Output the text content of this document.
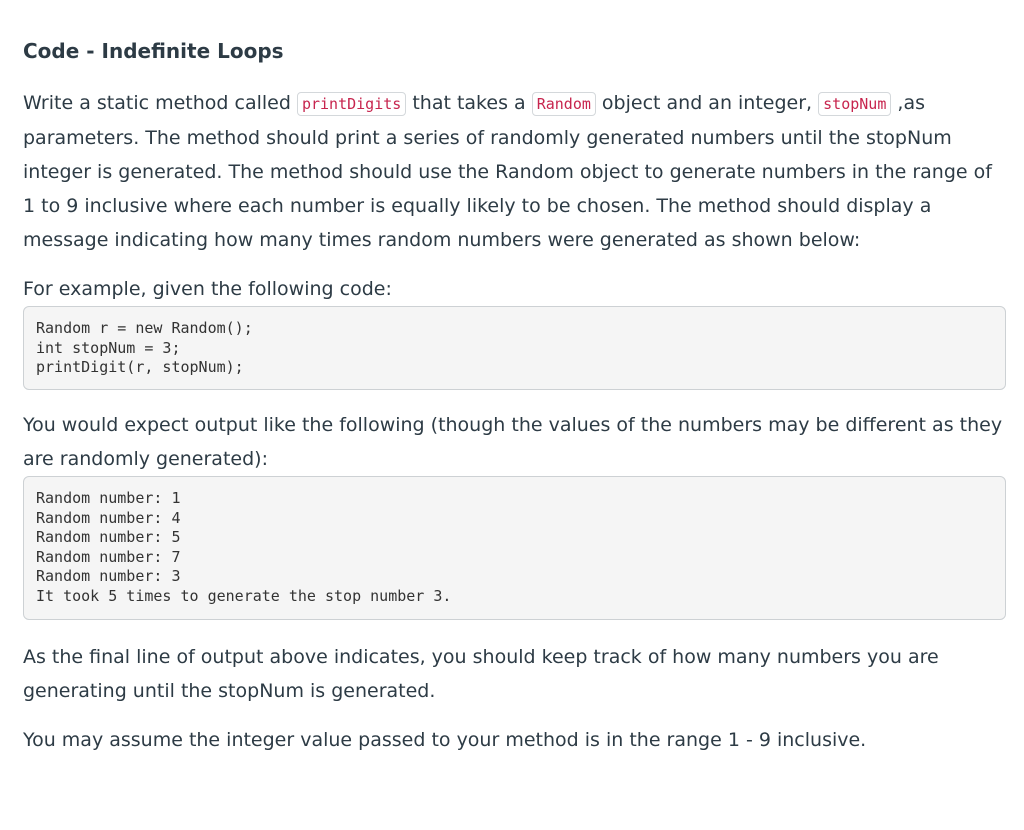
Code - Indefinite Loops

Write a static method called printDigits that takes a Random object and an integer, stopNum ,as parameters. The method should print a series of randomly generated numbers until the stopNum integer is generated. The method should use the Random object to generate numbers in the range of 1 to 9 inclusive where each number is equally likely to be chosen. The method should display a message indicating how many times random numbers were generated as shown below:

For example, given the following code:

Random r = new Random();
int stopNum = 3;
printDigit(r, stopNum);

You would expect output like the following (though the values of the numbers may be different as they are randomly generated):

Random number: 1
Random number: 4
Random number: 5
Random number: 7
Random number: 3
It took 5 times to generate the stop number 3.

As the final line of output above indicates, you should keep track of how many numbers you are generating until the stopNum is generated.

You may assume the integer value passed to your method is in the range 1 - 9 inclusive.
